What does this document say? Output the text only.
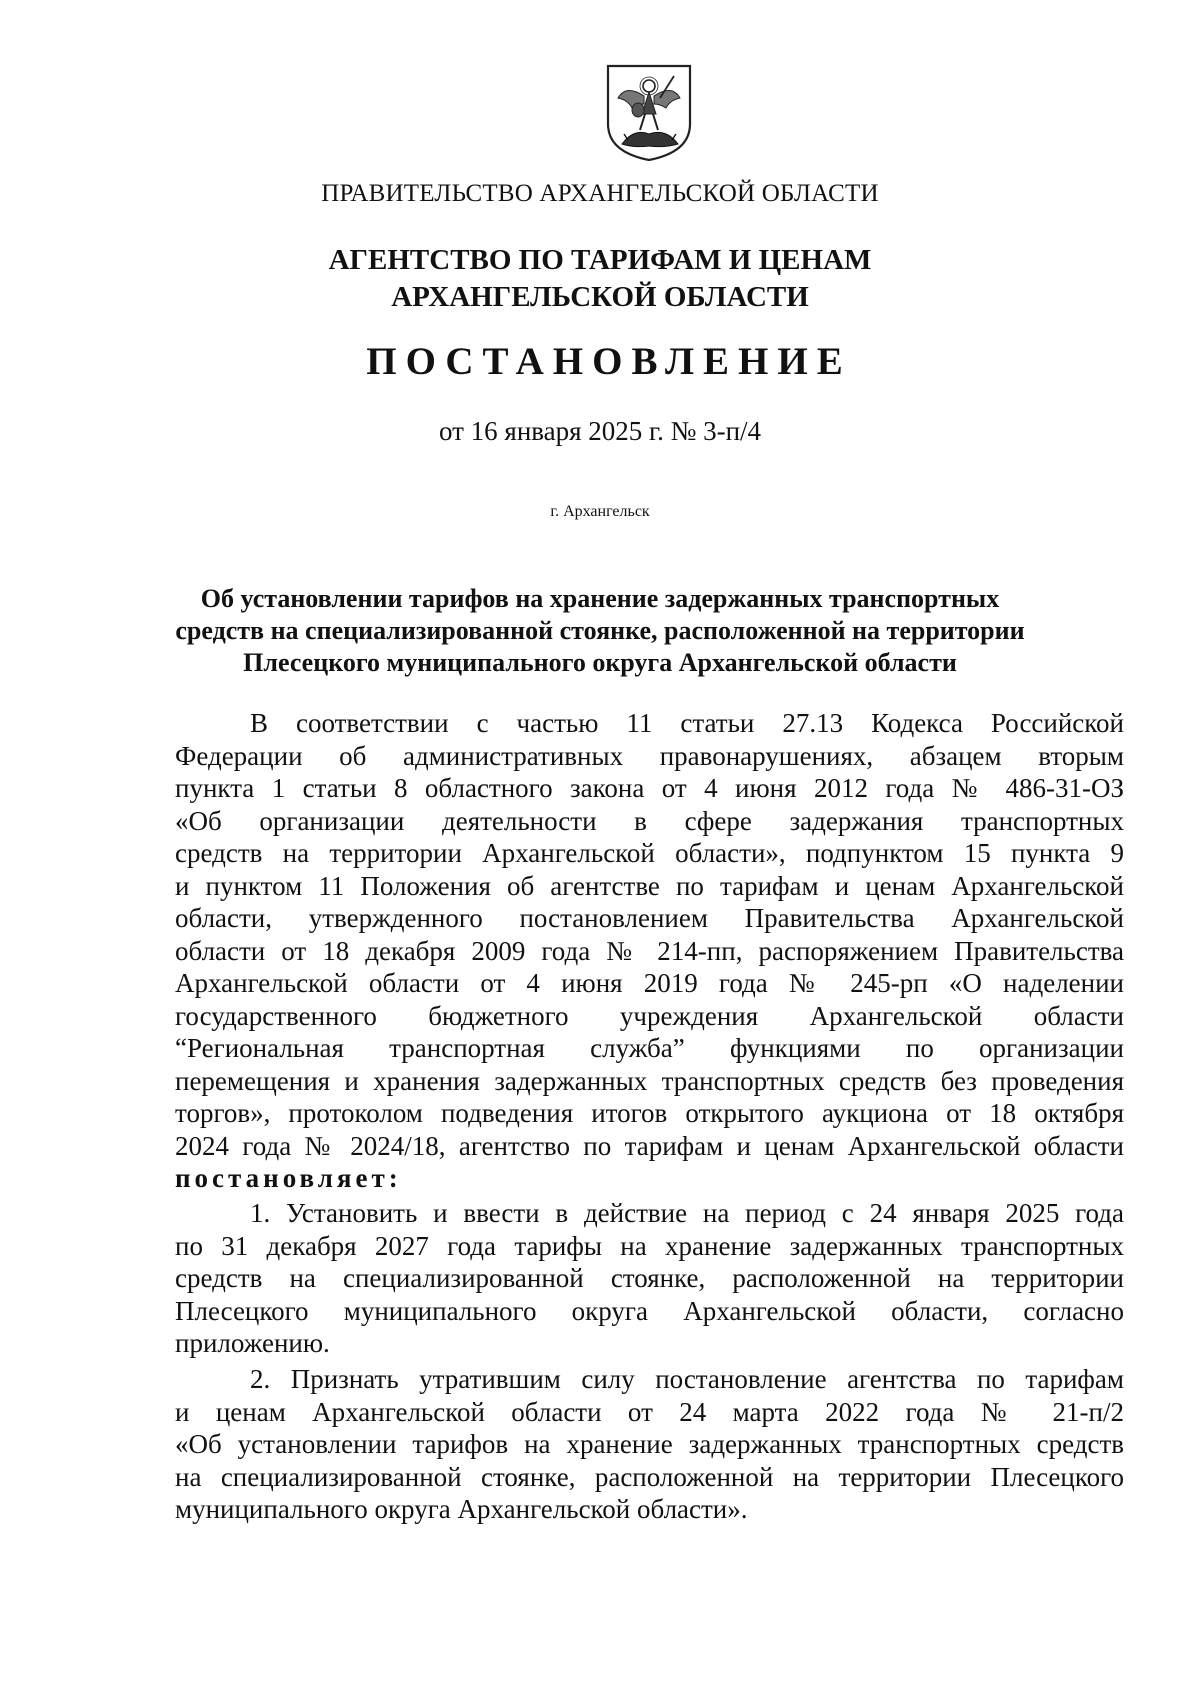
ПРАВИТЕЛЬСТВО АРХАНГЕЛЬСКОЙ ОБЛАСТИ
АГЕНТСТВО ПО ТАРИФАМ И ЦЕНАМ
АРХАНГЕЛЬСКОЙ ОБЛАСТИ
ПОСТАНОВЛЕНИЕ
от 16 января 2025 г. № 3-п/4
г. Архангельск
Об установлении тарифов на хранение задержанных транспортных
средств на специализированной стоянке, расположенной на территории
Плесецкого муниципального округа Архангельской области
В соответствии с частью 11 статьи 27.13 Кодекса Российской
Федерации об административных правонарушениях, абзацем вторым
пункта 1 статьи 8 областного закона от 4 июня 2012 года № 486-31-ОЗ
«Об организации деятельности в сфере задержания транспортных
средств на территории Архангельской области», подпунктом 15 пункта 9
и пунктом 11 Положения об агентстве по тарифам и ценам Архангельской
области, утвержденного постановлением Правительства Архангельской
области от 18 декабря 2009 года № 214-пп, распоряжением Правительства
Архангельской области от 4 июня 2019 года № 245-рп «О наделении
государственного бюджетного учреждения Архангельской области
“Региональная транспортная служба” функциями по организации
перемещения и хранения задержанных транспортных средств без проведения
торгов», протоколом подведения итогов открытого аукциона от 18 октября
2024 года № 2024/18, агентство по тарифам и ценам Архангельской области
постановляет:
1. Установить и ввести в действие на период с 24 января 2025 года
по 31 декабря 2027 года тарифы на хранение задержанных транспортных
средств на специализированной стоянке, расположенной на территории
Плесецкого муниципального округа Архангельской области, согласно
приложению.
2. Признать утратившим силу постановление агентства по тарифам
и ценам Архангельской области от 24 марта 2022 года № 21-п/2
«Об установлении тарифов на хранение задержанных транспортных средств
на специализированной стоянке, расположенной на территории Плесецкого
муниципального округа Архангельской области».
